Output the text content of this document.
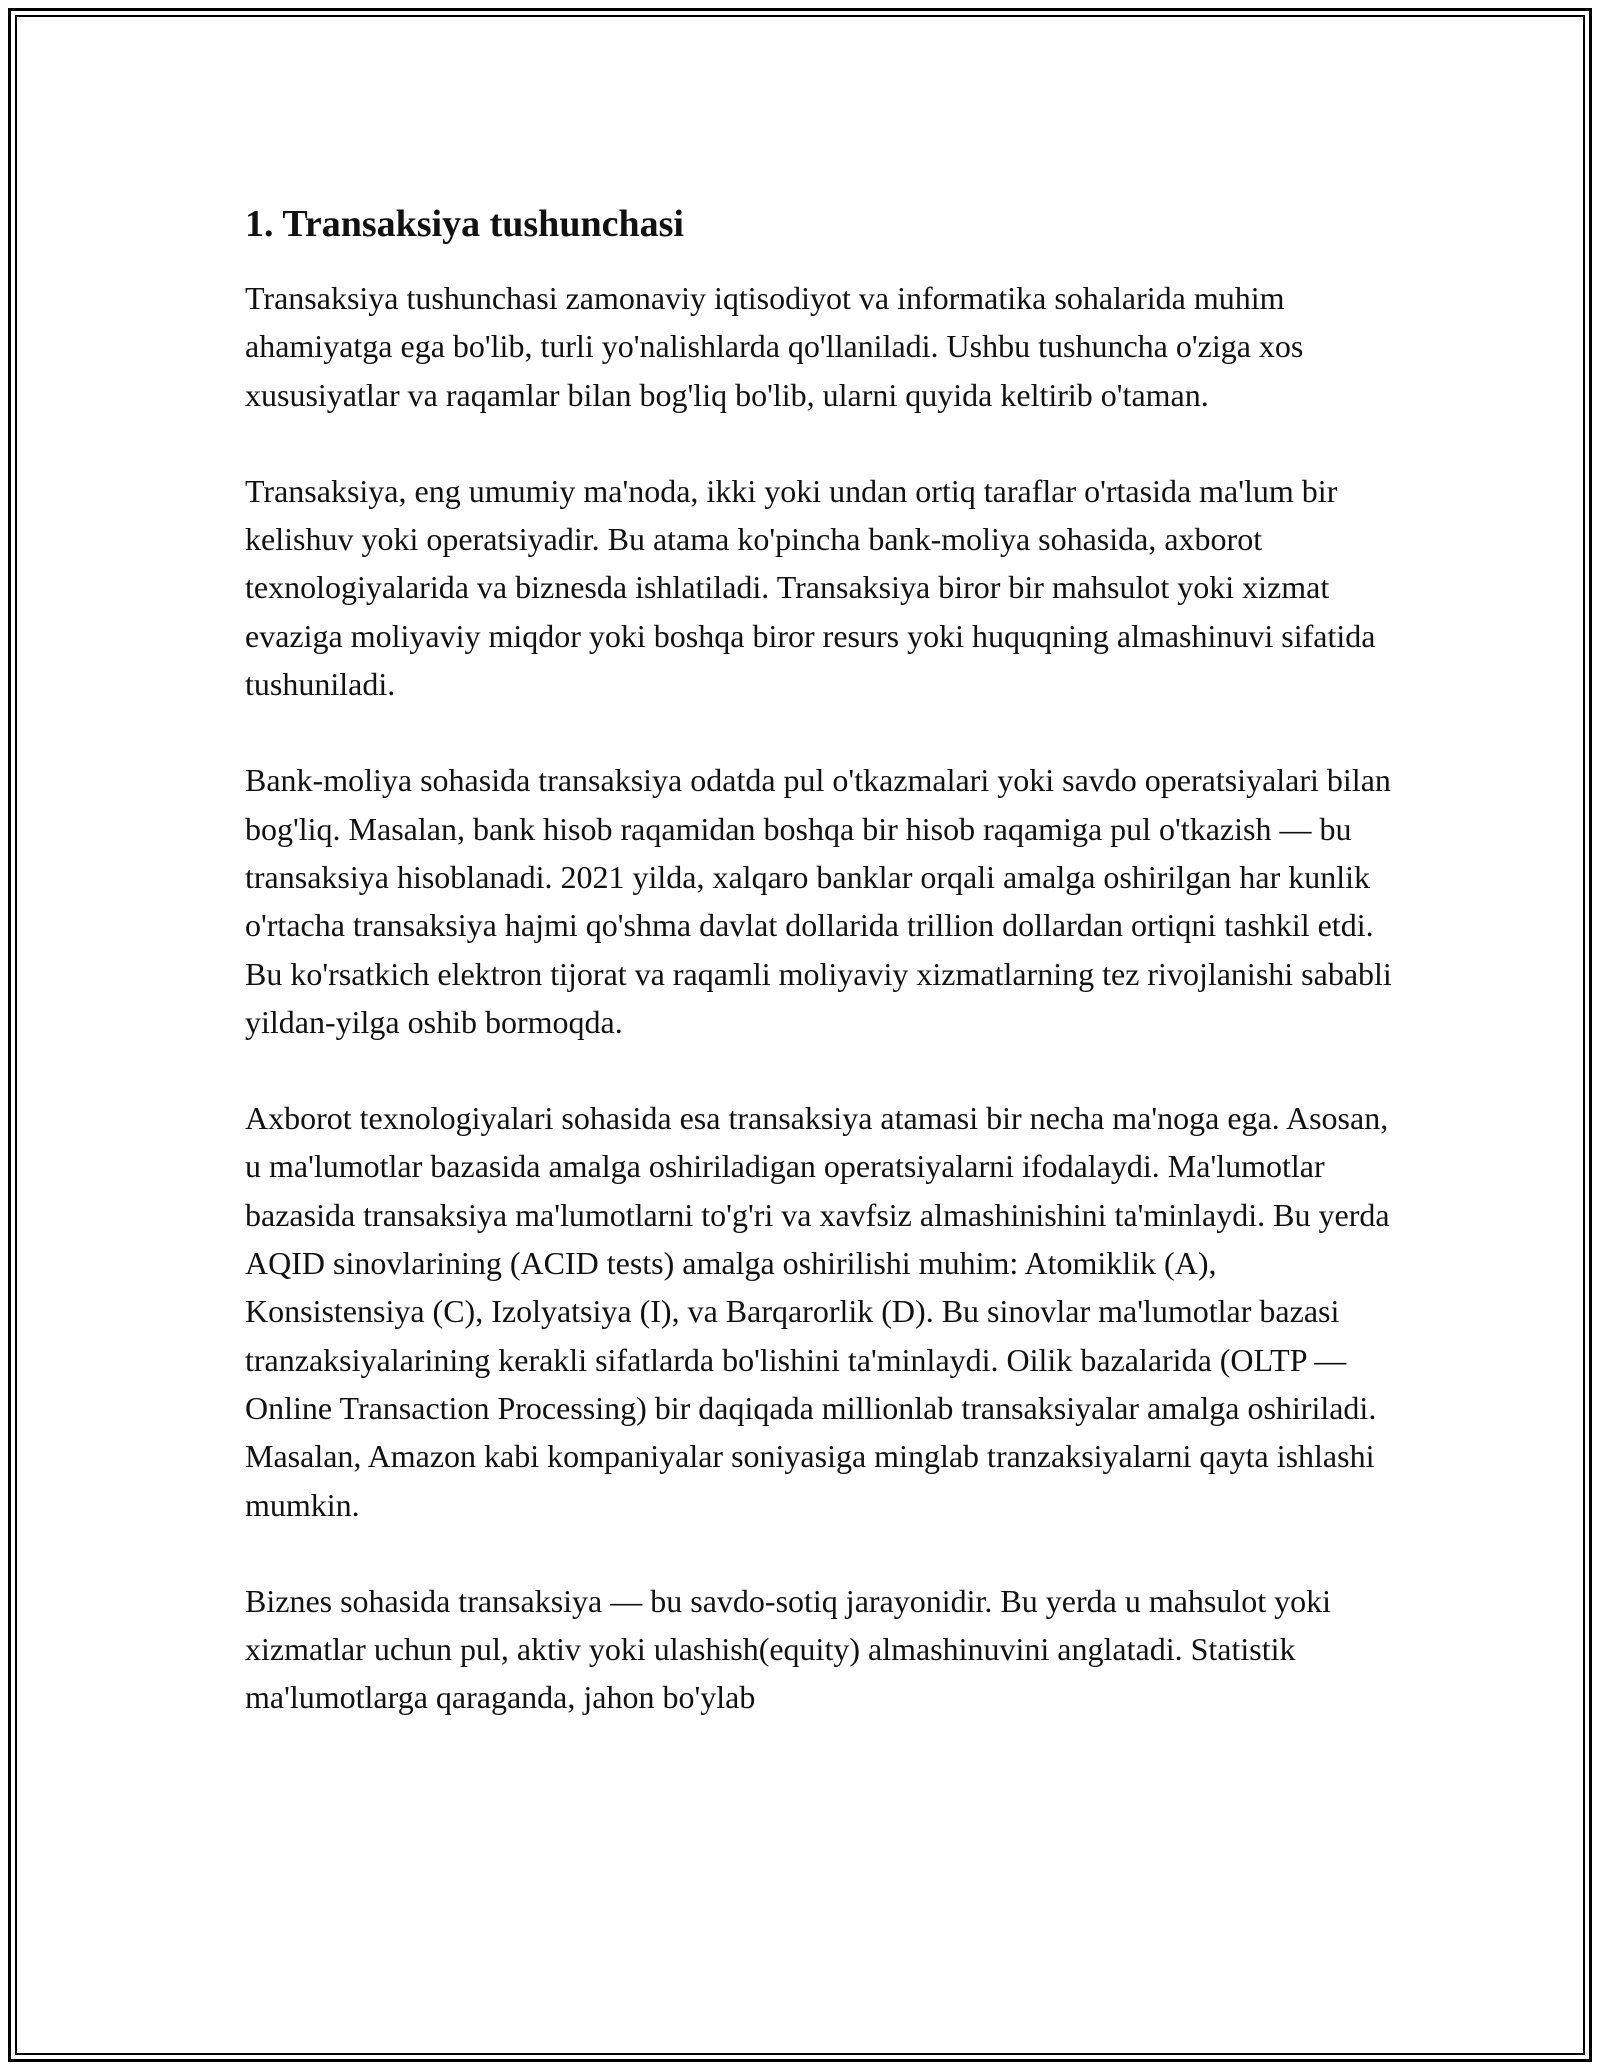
1. Transaksiya tushunchasi

Transaksiya tushunchasi zamonaviy iqtisodiyot va informatika sohalarida muhim ahamiyatga ega bo'lib, turli yo'nalishlarda qo'llaniladi. Ushbu tushuncha o'ziga xos xususiyatlar va raqamlar bilan bog'liq bo'lib, ularni quyida keltirib o'taman.

Transaksiya, eng umumiy ma'noda, ikki yoki undan ortiq taraflar o'rtasida ma'lum bir kelishuv yoki operatsiyadir. Bu atama ko'pincha bank-moliya sohasida, axborot texnologiyalarida va biznesda ishlatiladi. Transaksiya biror bir mahsulot yoki xizmat evaziga moliyaviy miqdor yoki boshqa biror resurs yoki huquqning almashinuvi sifatida tushuniladi.

Bank-moliya sohasida transaksiya odatda pul o'tkazmalari yoki savdo operatsiyalari bilan bog'liq. Masalan, bank hisob raqamidan boshqa bir hisob raqamiga pul o'tkazish — bu transaksiya hisoblanadi. 2021 yilda, xalqaro banklar orqali amalga oshirilgan har kunlik o'rtacha transaksiya hajmi qo'shma davlat dollarida trillion dollardan ortiqni tashkil etdi. Bu ko'rsatkich elektron tijorat va raqamli moliyaviy xizmatlarning tez rivojlanishi sababli yildan-yilga oshib bormoqda.

Axborot texnologiyalari sohasida esa transaksiya atamasi bir necha ma'noga ega. Asosan, u ma'lumotlar bazasida amalga oshiriladigan operatsiyalarni ifodalaydi. Ma'lumotlar bazasida transaksiya ma'lumotlarni to'g'ri va xavfsiz almashinishini ta'minlaydi. Bu yerda AQID sinovlarining (ACID tests) amalga oshirilishi muhim: Atomiklik (A), Konsistensiya (C), Izolyatsiya (I), va Barqarorlik (D). Bu sinovlar ma'lumotlar bazasi tranzaksiyalarining kerakli sifatlarda bo'lishini ta'minlaydi. Oilik bazalarida (OLTP — Online Transaction Processing) bir daqiqada millionlab transaksiyalar amalga oshiriladi. Masalan, Amazon kabi kompaniyalar soniyasiga minglab tranzaksiyalarni qayta ishlashi mumkin.

Biznes sohasida transaksiya — bu savdo-sotiq jarayonidir. Bu yerda u mahsulot yoki xizmatlar uchun pul, aktiv yoki ulashish(equity) almashinuvini anglatadi. Statistik ma'lumotlarga qaraganda, jahon bo'ylab
